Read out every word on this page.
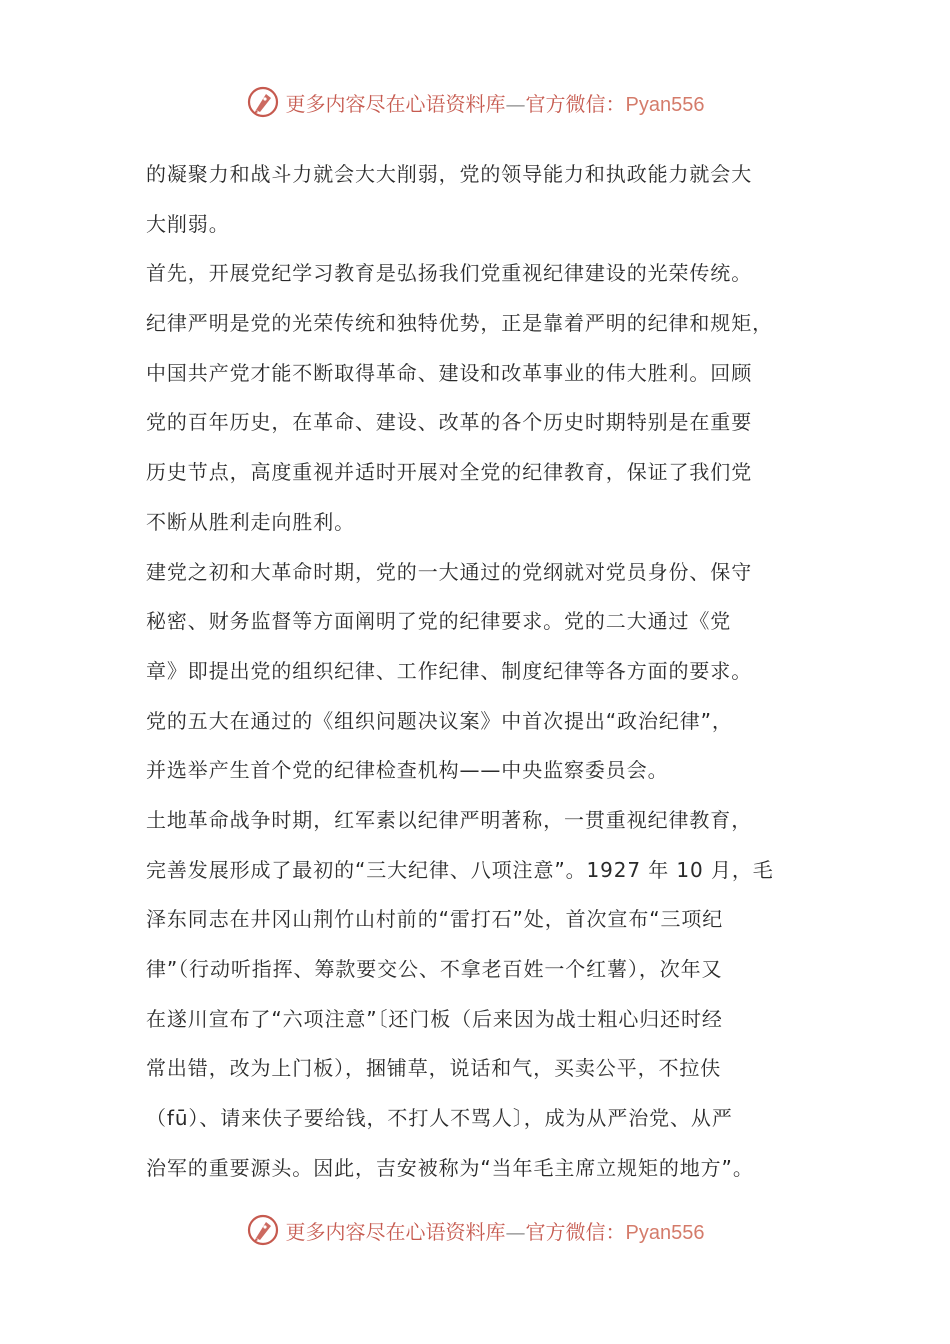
更多内容尽在心语资料库—官方微信：Pyan556
的凝聚力和战斗力就会大大削弱，党的领导能力和执政能力就会大
大削弱。
首先，开展党纪学习教育是弘扬我们党重视纪律建设的光荣传统。
纪律严明是党的光荣传统和独特优势，正是靠着严明的纪律和规矩，
中国共产党才能不断取得革命、建设和改革事业的伟大胜利。回顾
党的百年历史，在革命、建设、改革的各个历史时期特别是在重要
历史节点，高度重视并适时开展对全党的纪律教育，保证了我们党
不断从胜利走向胜利。
建党之初和大革命时期，党的一大通过的党纲就对党员身份、保守
秘密、财务监督等方面阐明了党的纪律要求。党的二大通过《党
章》即提出党的组织纪律、工作纪律、制度纪律等各方面的要求。
党的五大在通过的《组织问题决议案》中首次提出“政治纪律”，
并选举产生首个党的纪律检查机构——中央监察委员会。
土地革命战争时期，红军素以纪律严明著称，一贯重视纪律教育，
完善发展形成了最初的“三大纪律、八项注意”。1927 年 10 月，毛
泽东同志在井冈山荆竹山村前的“雷打石”处，首次宣布“三项纪
律”（行动听指挥、筹款要交公、不拿老百姓一个红薯），次年又
在遂川宣布了“六项注意”〔还门板（后来因为战士粗心归还时经
常出错，改为上门板），捆铺草，说话和气，买卖公平，不拉伕
（fū）、请来伕子要给钱，不打人不骂人〕，成为从严治党、从严
治军的重要源头。因此，吉安被称为“当年毛主席立规矩的地方”。
更多内容尽在心语资料库—官方微信：Pyan556
